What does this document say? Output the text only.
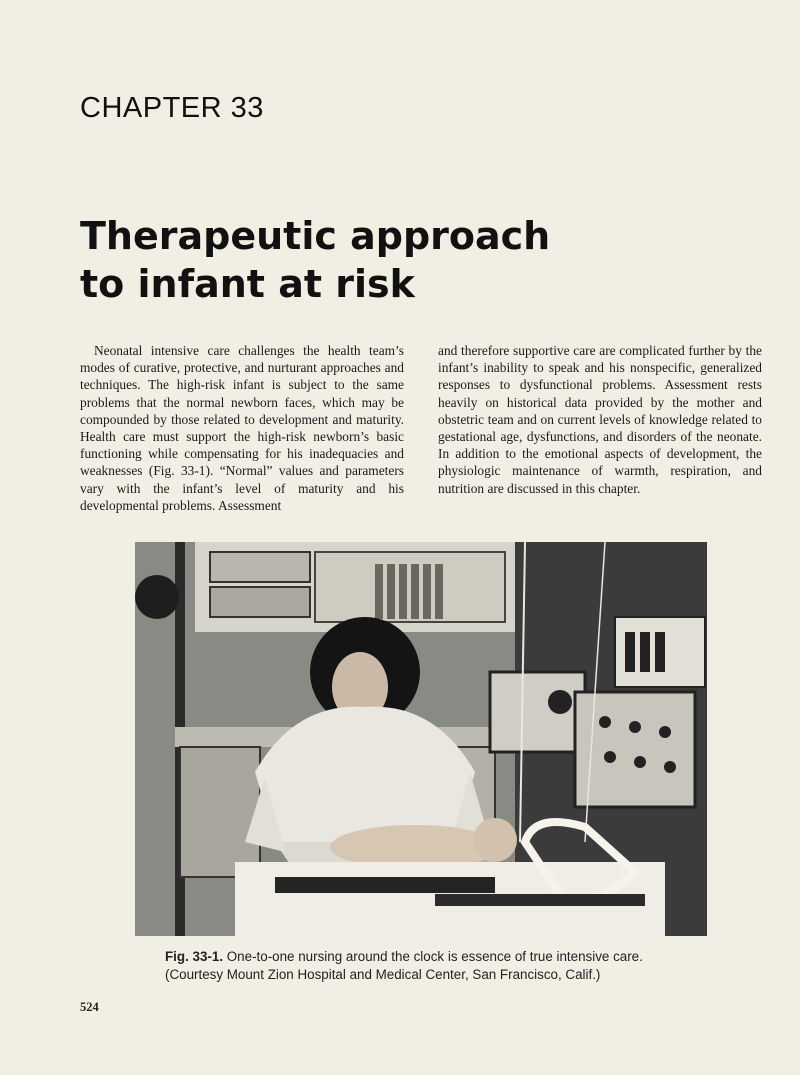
CHAPTER 33
Therapeutic approach
to infant at risk

Neonatal intensive care challenges the health team’s modes of curative, protective, and nurturant approaches and techniques. The high-risk infant is subject to the same problems that the normal newborn faces, which may be compounded by those related to development and maturity. Health care must support the high-risk newborn’s basic functioning while compensating for his inadequacies and weaknesses (Fig. 33-1). “Normal” values and parameters vary with the infant’s level of maturity and his developmental problems. Assessment

and therefore supportive care are complicated further by the infant’s inability to speak and his nonspecific, generalized responses to dysfunctional problems. Assessment rests heavily on historical data provided by the mother and obstetric team and on current levels of knowledge related to gestational age, dysfunctions, and disorders of the neonate. In addition to the emotional aspects of development, the physiologic maintenance of warmth, respiration, and nutrition are discussed in this chapter.

Fig. 33-1. One-to-one nursing around the clock is essence of true intensive care. (Courtesy Mount Zion Hospital and Medical Center, San Francisco, Calif.)

524
